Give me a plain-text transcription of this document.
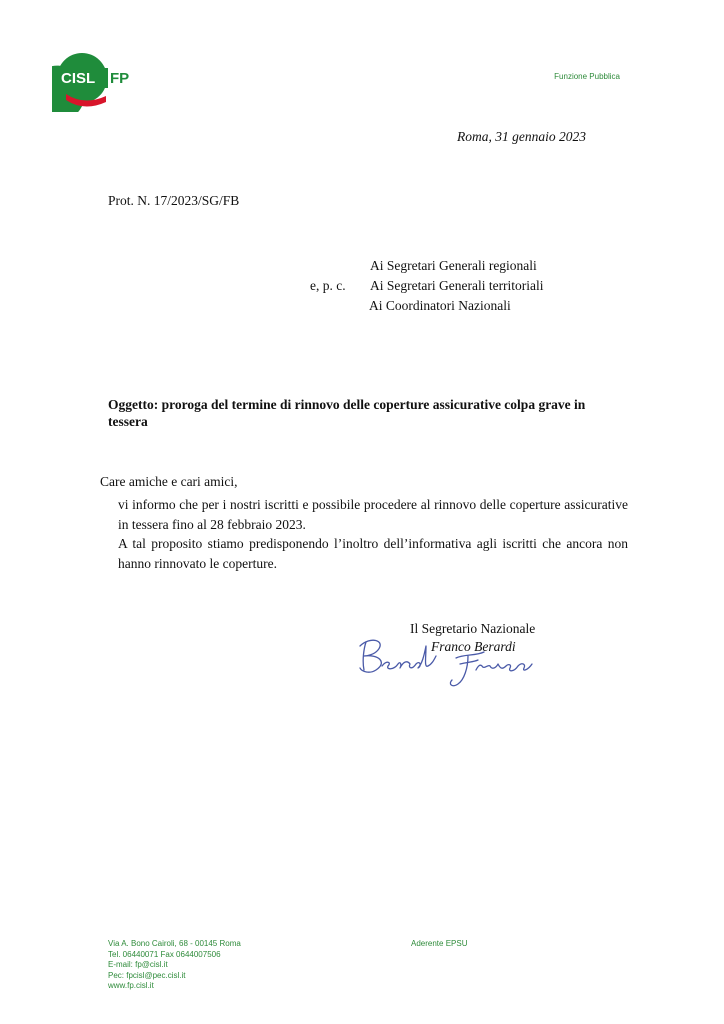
CISL FP	Funzione Pubblica
Roma, 31 gennaio 2023
Prot. N. 17/2023/SG/FB
Ai Segretari Generali regionali
e, p. c. Ai Segretari Generali territoriali
Ai Coordinatori Nazionali
Oggetto: proroga del termine di rinnovo delle coperture assicurative colpa grave in tessera
Care amiche e cari amici,

vi informo che per i nostri iscritti e possibile procedere al rinnovo delle coperture assicurative in tessera fino al 28 febbraio 2023.

A tal proposito stiamo predisponendo l’inoltro dell’informativa agli iscritti che ancora non hanno rinnovato le coperture.

Il Segretario Nazionale
Franco Berardi
Via A. Bono Cairoli, 68 - 00145 Roma
Tel. 06440071 Fax 0644007506
E-mail: fp@cisl.it
Pec: fpcisl@pec.cisl.it
www.fp.cisl.it
Aderente EPSU
